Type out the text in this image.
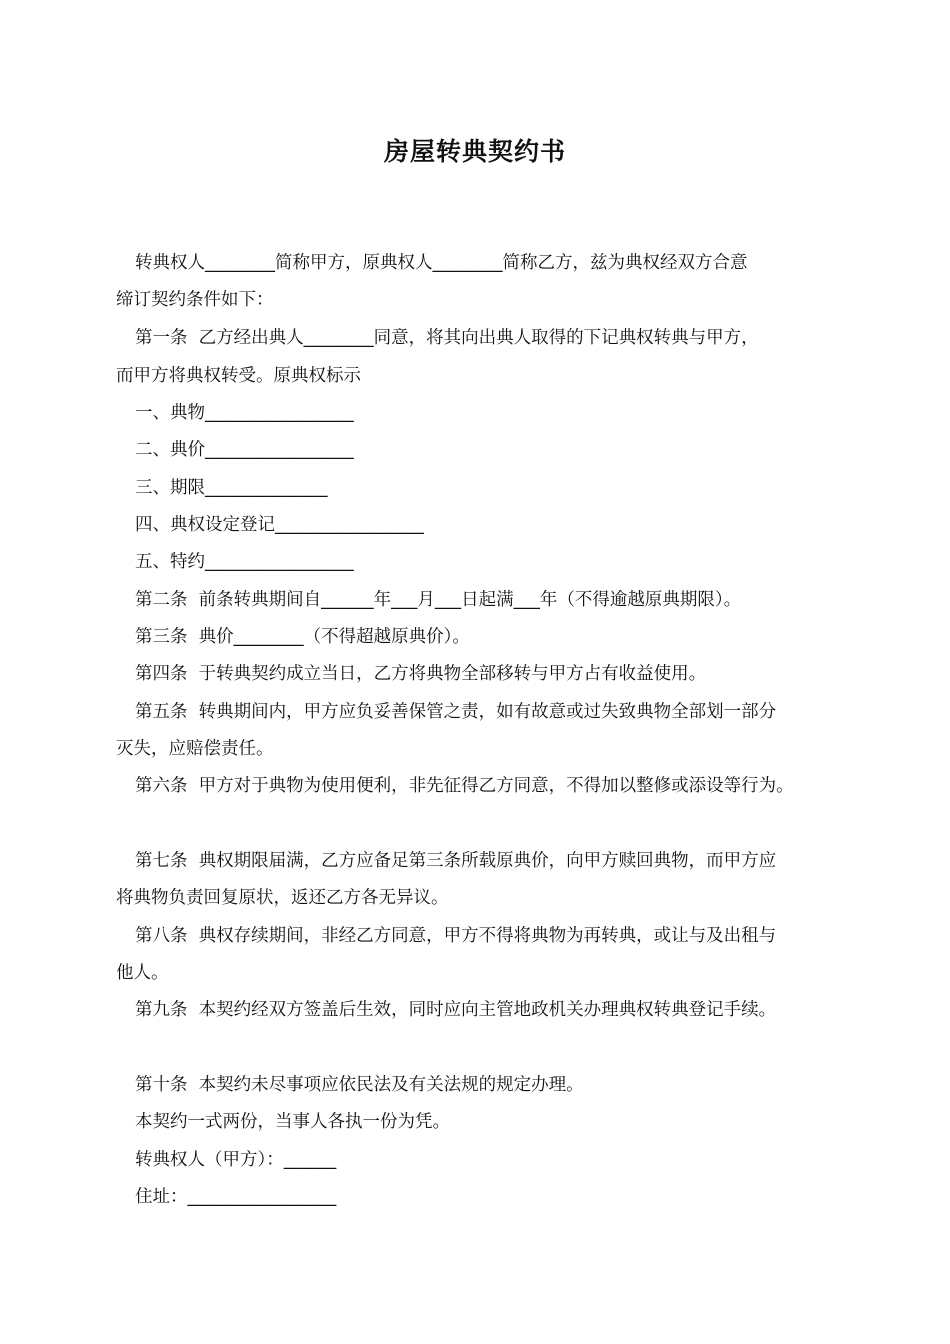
房屋转典契约书
转典权人________简称甲方，原典权人________简称乙方，兹为典权经双方合意
缔订契约条件如下：
第一条  乙方经出典人________同意，将其向出典人取得的下记典权转典与甲方，
而甲方将典权转受。原典权标示
一、典物_________________
二、典价_________________
三、期限______________
四、典权设定登记_________________
五、特约_________________
第二条  前条转典期间自______年___月___日起满___年（不得逾越原典期限）。
第三条  典价________（不得超越原典价）。
第四条  于转典契约成立当日，乙方将典物全部移转与甲方占有收益使用。
第五条  转典期间内，甲方应负妥善保管之责，如有故意或过失致典物全部划一部分
灭失，应赔偿责任。
第六条  甲方对于典物为使用便利，非先征得乙方同意，不得加以整修或添设等行为。
第七条  典权期限届满，乙方应备足第三条所载原典价，向甲方赎回典物，而甲方应
将典物负责回复原状，返还乙方各无异议。
第八条  典权存续期间，非经乙方同意，甲方不得将典物为再转典，或让与及出租与
他人。
第九条  本契约经双方签盖后生效，同时应向主管地政机关办理典权转典登记手续。
第十条  本契约未尽事项应依民法及有关法规的规定办理。
本契约一式两份，当事人各执一份为凭。
转典权人（甲方）：______
住址：_________________
